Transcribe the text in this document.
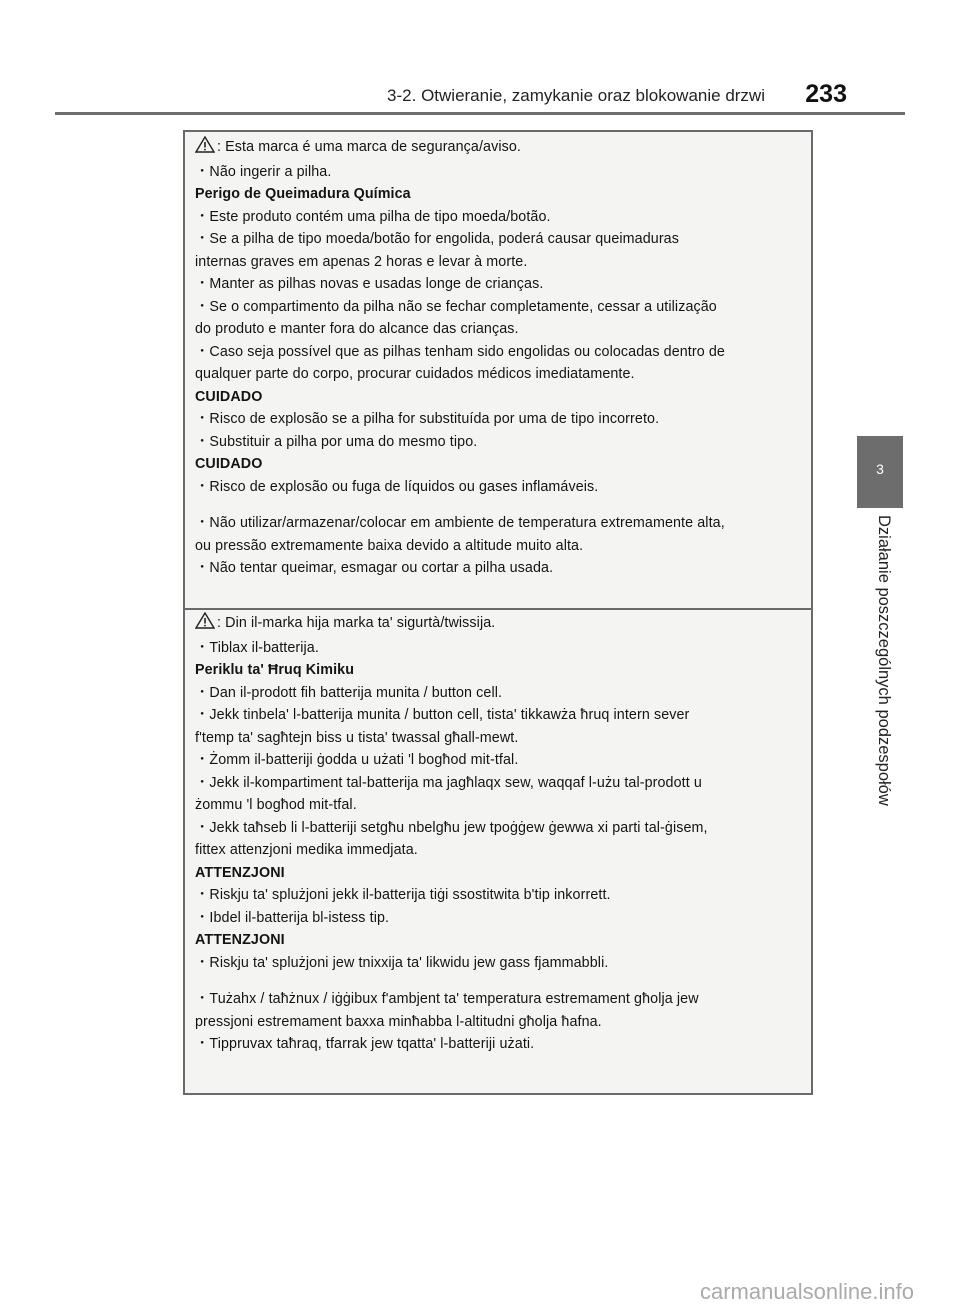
3-2. Otwieranie, zamykanie oraz blokowanie drzwi 233
3
Działanie poszczególnych podzespołów
: Esta marca é uma marca de segurança/aviso.
・Não ingerir a pilha.
Perigo de Queimadura Química
・Este produto contém uma pilha de tipo moeda/botão.
・Se a pilha de tipo moeda/botão for engolida, poderá causar queimaduras
internas graves em apenas 2 horas e levar à morte.
・Manter as pilhas novas e usadas longe de crianças.
・Se o compartimento da pilha não se fechar completamente, cessar a utilização
do produto e manter fora do alcance das crianças.
・Caso seja possível que as pilhas tenham sido engolidas ou colocadas dentro de
qualquer parte do corpo, procurar cuidados médicos imediatamente.
CUIDADO
・Risco de explosão se a pilha for substituída por uma de tipo incorreto.
・Substituir a pilha por uma do mesmo tipo.
CUIDADO
・Risco de explosão ou fuga de líquidos ou gases inflamáveis.
・Não utilizar/armazenar/colocar em ambiente de temperatura extremamente alta,
ou pressão extremamente baixa devido a altitude muito alta.
・Não tentar queimar, esmagar ou cortar a pilha usada.
: Din il-marka hija marka ta' sigurtà/twissija.
・Tiblax il-batterija.
Periklu ta' Ħruq Kimiku
・Dan il-prodott fih batterija munita / button cell.
・Jekk tinbela' l-batterija munita / button cell, tista' tikkawża ħruq intern sever
f'temp ta' sagħtejn biss u tista' twassal għall-mewt.
・Żomm il-batteriji ġodda u użati 'l bogħod mit-tfal.
・Jekk il-kompartiment tal-batterija ma jagħlaqx sew, waqqaf l-użu tal-prodott u
żommu 'l bogħod mit-tfal.
・Jekk taħseb li l-batteriji setgħu nbelgħu jew tpoġġew ġewwa xi parti tal-ġisem,
fittex attenzjoni medika immedjata.
ATTENZJONI
・Riskju ta' splużjoni jekk il-batterija tiġi ssostitwita b'tip inkorrett.
・Ibdel il-batterija bl-istess tip.
ATTENZJONI
・Riskju ta' splużjoni jew tnixxija ta' likwidu jew gass fjammabbli.
・Tużahx / taħżnux / iġġibux f'ambjent ta' temperatura estremament għolja jew
pressjoni estremament baxxa minħabba l-altitudni għolja ħafna.
・Tippruvax taħraq, tfarrak jew tqatta' l-batteriji użati.
carmanualsonline.info
